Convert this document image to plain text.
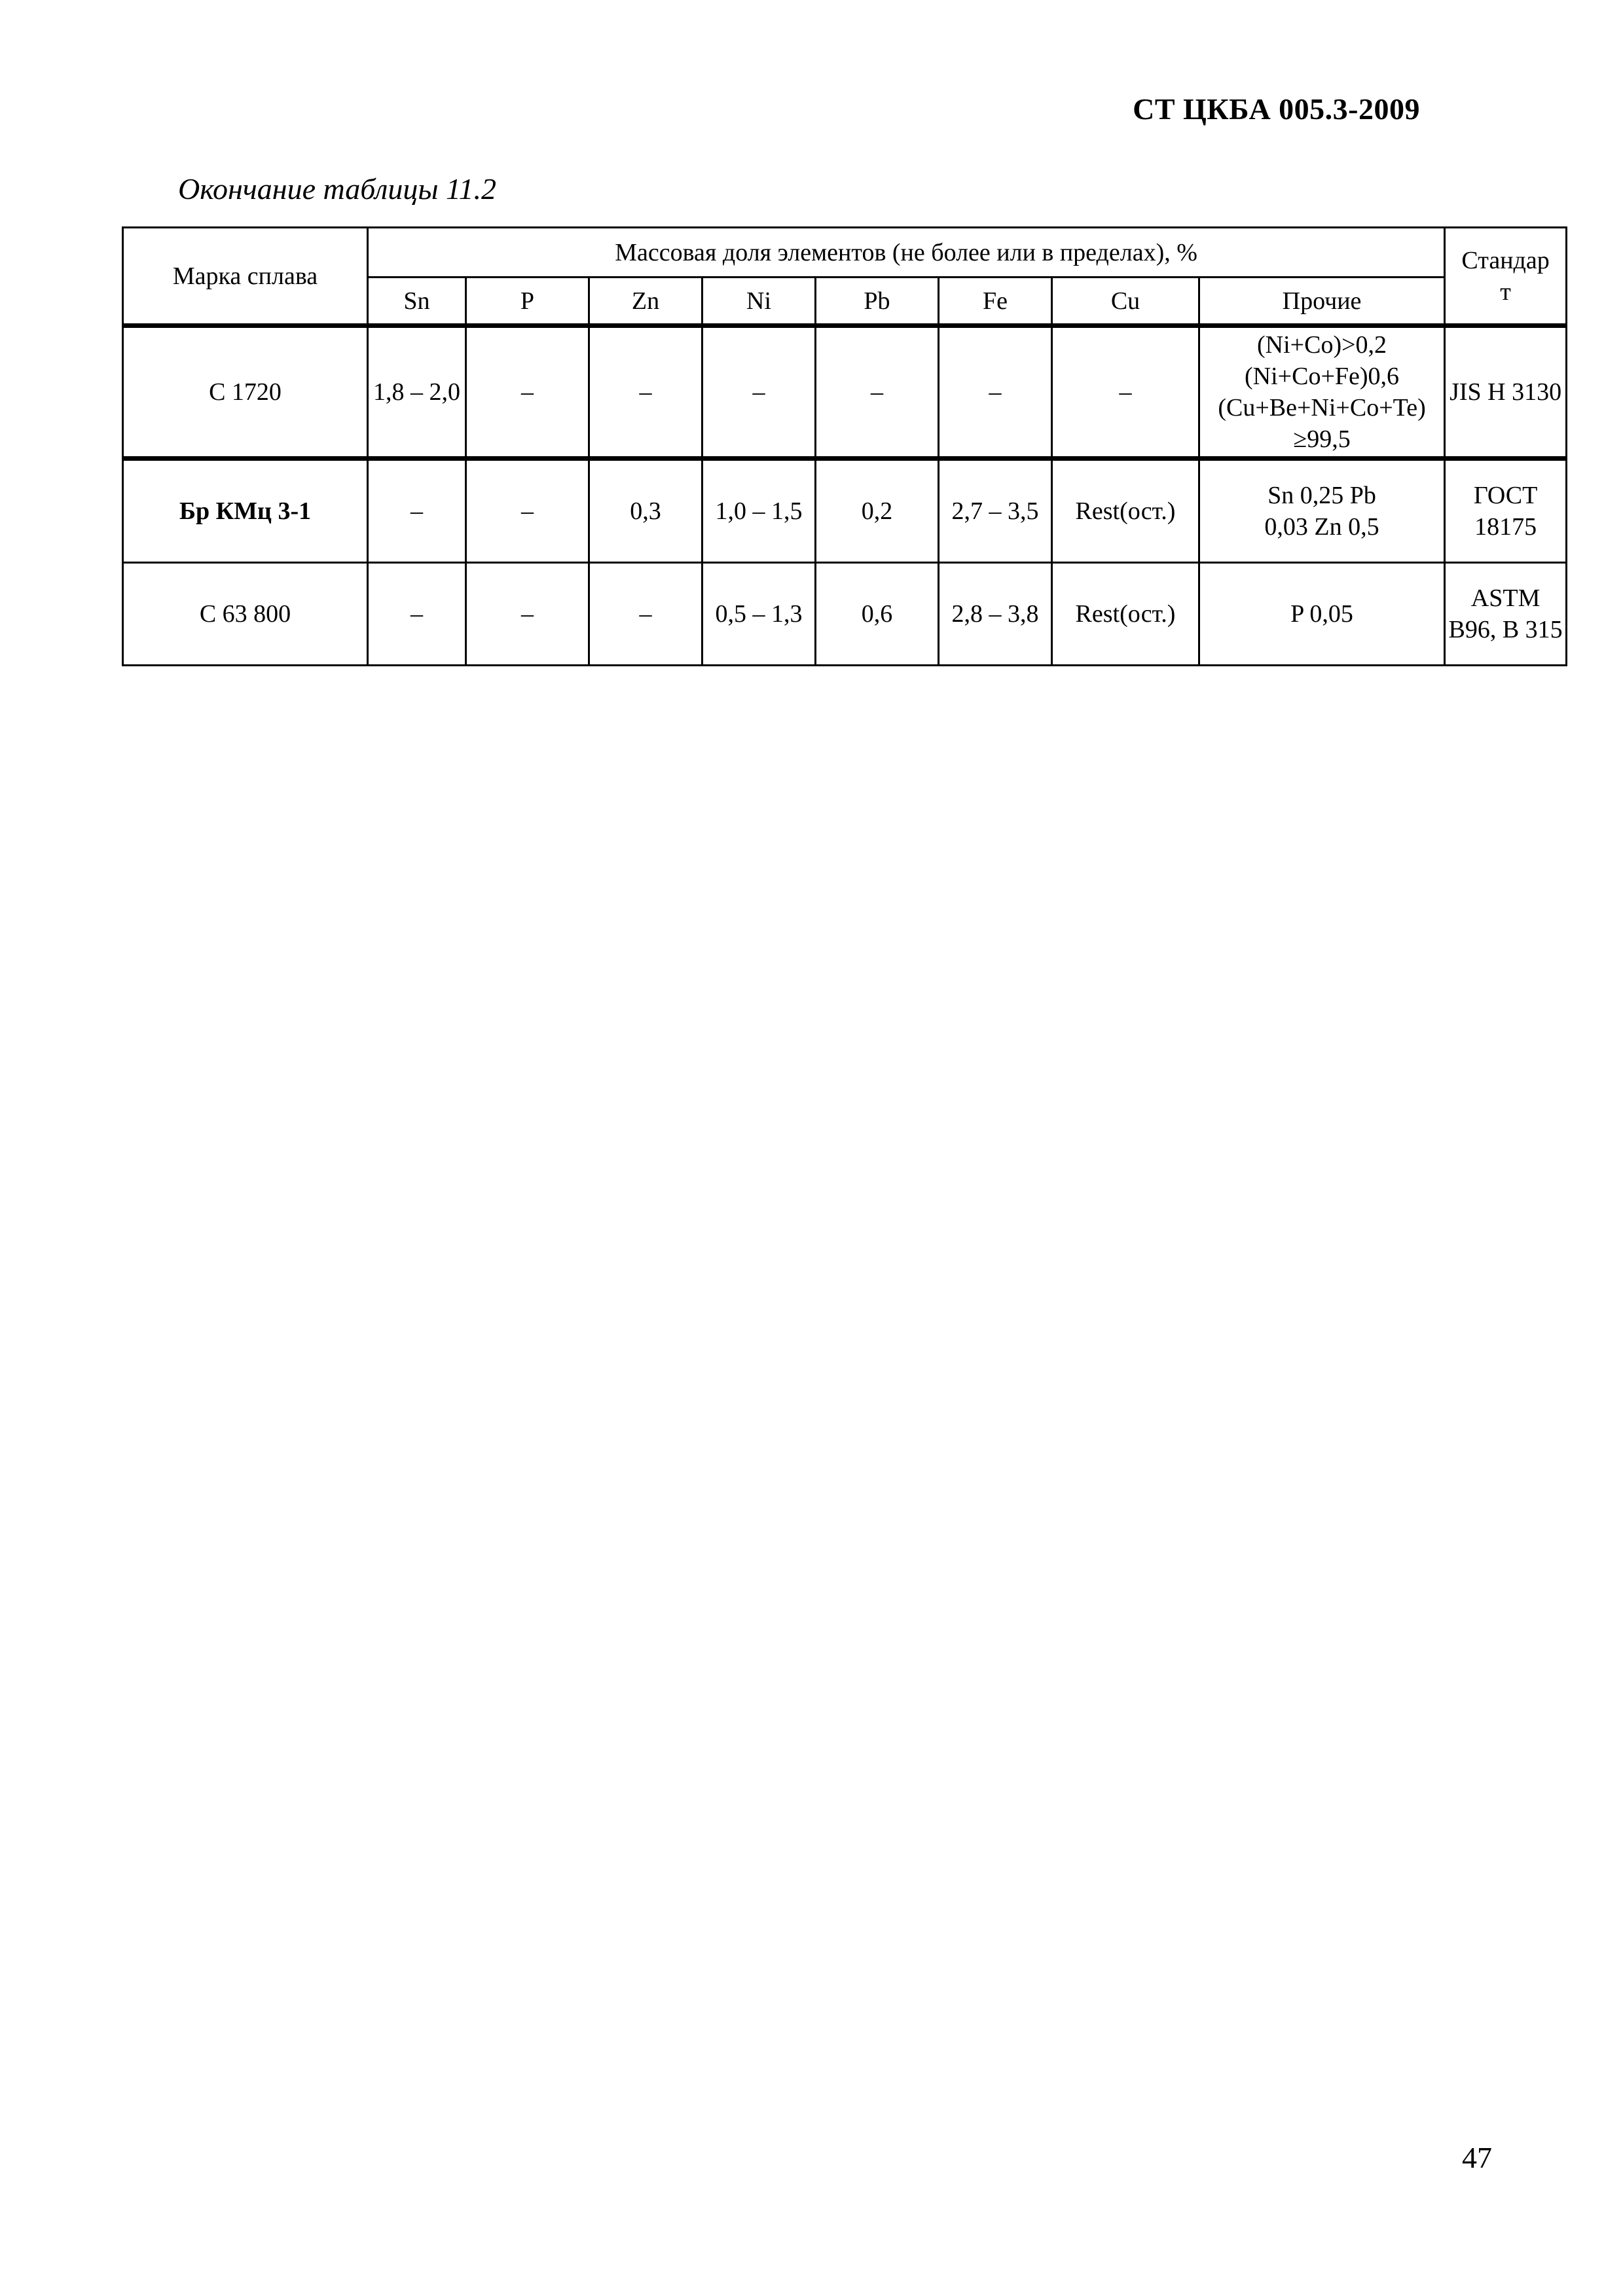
СТ ЦКБА 005.3-2009
Окончание таблицы 11.2
Марка сплава	Массовая доля элементов (не более или в пределах), %								Стандарт
	Sn	P	Zn	Ni	Pb	Fe	Cu	Прочие	
С 1720	1,8 – 2,0	–	–	–	–	–	–	(Ni+Co)>0,2 (Ni+Co+Fe)0,6 (Cu+Be+Ni+Co+Te) ≥99,5	JIS H 3130
Бр КМц 3-1	–	–	0,3	1,0 – 1,5	0,2	2,7 – 3,5	Rest(ост.)	Sn 0,25 Pb 0,03 Zn 0,5	ГОСТ 18175
С 63 800	–	–	–	0,5 – 1,3	0,6	2,8 – 3,8	Rest(ост.)	P 0,05	ASTM B96, B 315
47
